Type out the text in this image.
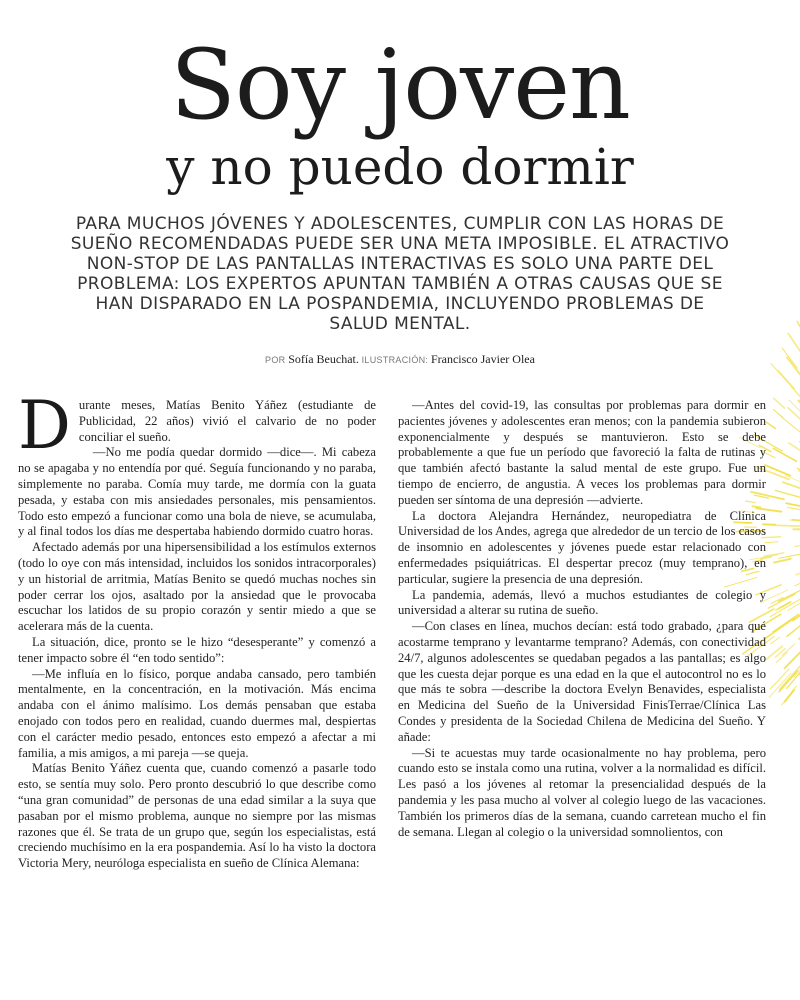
Soy joven
y no puedo dormir

PARA MUCHOS JÓVENES Y ADOLESCENTES, CUMPLIR CON LAS HORAS DE SUEÑO RECOMENDADAS PUEDE SER UNA META IMPOSIBLE. EL ATRACTIVO NON-STOP DE LAS PANTALLAS INTERACTIVAS ES SOLO UNA PARTE DEL PROBLEMA: LOS EXPERTOS APUNTAN TAMBIÉN A OTRAS CAUSAS QUE SE HAN DISPARADO EN LA POSPANDEMIA, INCLUYENDO PROBLEMAS DE SALUD MENTAL.

POR Sofía Beuchat. ILUSTRACIÓN: Francisco Javier Olea

Durante meses, Matías Benito Yáñez (estudiante de Publicidad, 22 años) vivió el calvario de no poder conciliar el sueño.

—No me podía quedar dormido —dice—. Mi cabeza no se apagaba y no entendía por qué. Seguía funcionando y no paraba, simplemente no paraba. Comía muy tarde, me dormía con la guata pesada, y estaba con mis ansiedades personales, mis pensamientos. Todo esto empezó a funcionar como una bola de nieve, se acumulaba, y al final todos los días me despertaba habiendo dormido cuatro horas.

Afectado además por una hipersensibilidad a los estímulos externos (todo lo oye con más intensidad, incluidos los sonidos intracorporales) y un historial de arritmia, Matías Benito se quedó muchas noches sin poder cerrar los ojos, asaltado por la ansiedad que le provocaba escuchar los latidos de su propio corazón y sentir miedo a que se acelerara más de la cuenta.

La situación, dice, pronto se le hizo “desesperante” y comenzó a tener impacto sobre él “en todo sentido”:

—Me influía en lo físico, porque andaba cansado, pero también mentalmente, en la concentración, en la motivación. Más encima andaba con el ánimo malísimo. Los demás pensaban que estaba enojado con todos pero en realidad, cuando duermes mal, despiertas con el carácter medio pesado, entonces esto empezó a afectar a mi familia, a mis amigos, a mi pareja —se queja.

Matías Benito Yáñez cuenta que, cuando comenzó a pasarle todo esto, se sentía muy solo. Pero pronto descubrió lo que describe como “una gran comunidad” de personas de una edad similar a la suya que pasaban por el mismo problema, aunque no siempre por las mismas razones que él. Se trata de un grupo que, según los especialistas, está creciendo muchísimo en la era pospandemia. Así lo ha visto la doctora Victoria Mery, neuróloga especialista en sueño de Clínica Alemana:

—Antes del covid-19, las consultas por problemas para dormir en pacientes jóvenes y adolescentes eran menos; con la pandemia subieron exponencialmente y después se mantuvieron. Esto se debe probablemente a que fue un período que favoreció la falta de rutinas y que también afectó bastante la salud mental de este grupo. Fue un tiempo de encierro, de angustia. A veces los problemas para dormir pueden ser síntoma de una depresión —advierte.

La doctora Alejandra Hernández, neuropediatra de Clínica Universidad de los Andes, agrega que alrededor de un tercio de los casos de insomnio en adolescentes y jóvenes puede estar relacionado con enfermedades psiquiátricas. El despertar precoz (muy temprano), en particular, sugiere la presencia de una depresión.

La pandemia, además, llevó a muchos estudiantes de colegio y universidad a alterar su rutina de sueño.

—Con clases en línea, muchos decían: está todo grabado, ¿para qué acostarme temprano y levantarme temprano? Además, con conectividad 24/7, algunos adolescentes se quedaban pegados a las pantallas; es algo que les cuesta dejar porque es una edad en la que el autocontrol no es lo que más te sobra —describe la doctora Evelyn Benavides, especialista en Medicina del Sueño de la Universidad FinisTerrae/Clínica Las Condes y presidenta de la Sociedad Chilena de Medicina del Sueño. Y añade:

—Si te acuestas muy tarde ocasionalmente no hay problema, pero cuando esto se instala como una rutina, volver a la normalidad es difícil. Les pasó a los jóvenes al retomar la presencialidad después de la pandemia y les pasa mucho al volver al colegio luego de las vacaciones. También los primeros días de la semana, cuando carretean mucho el fin de semana. Llegan al colegio o la universidad somnolientos, con
